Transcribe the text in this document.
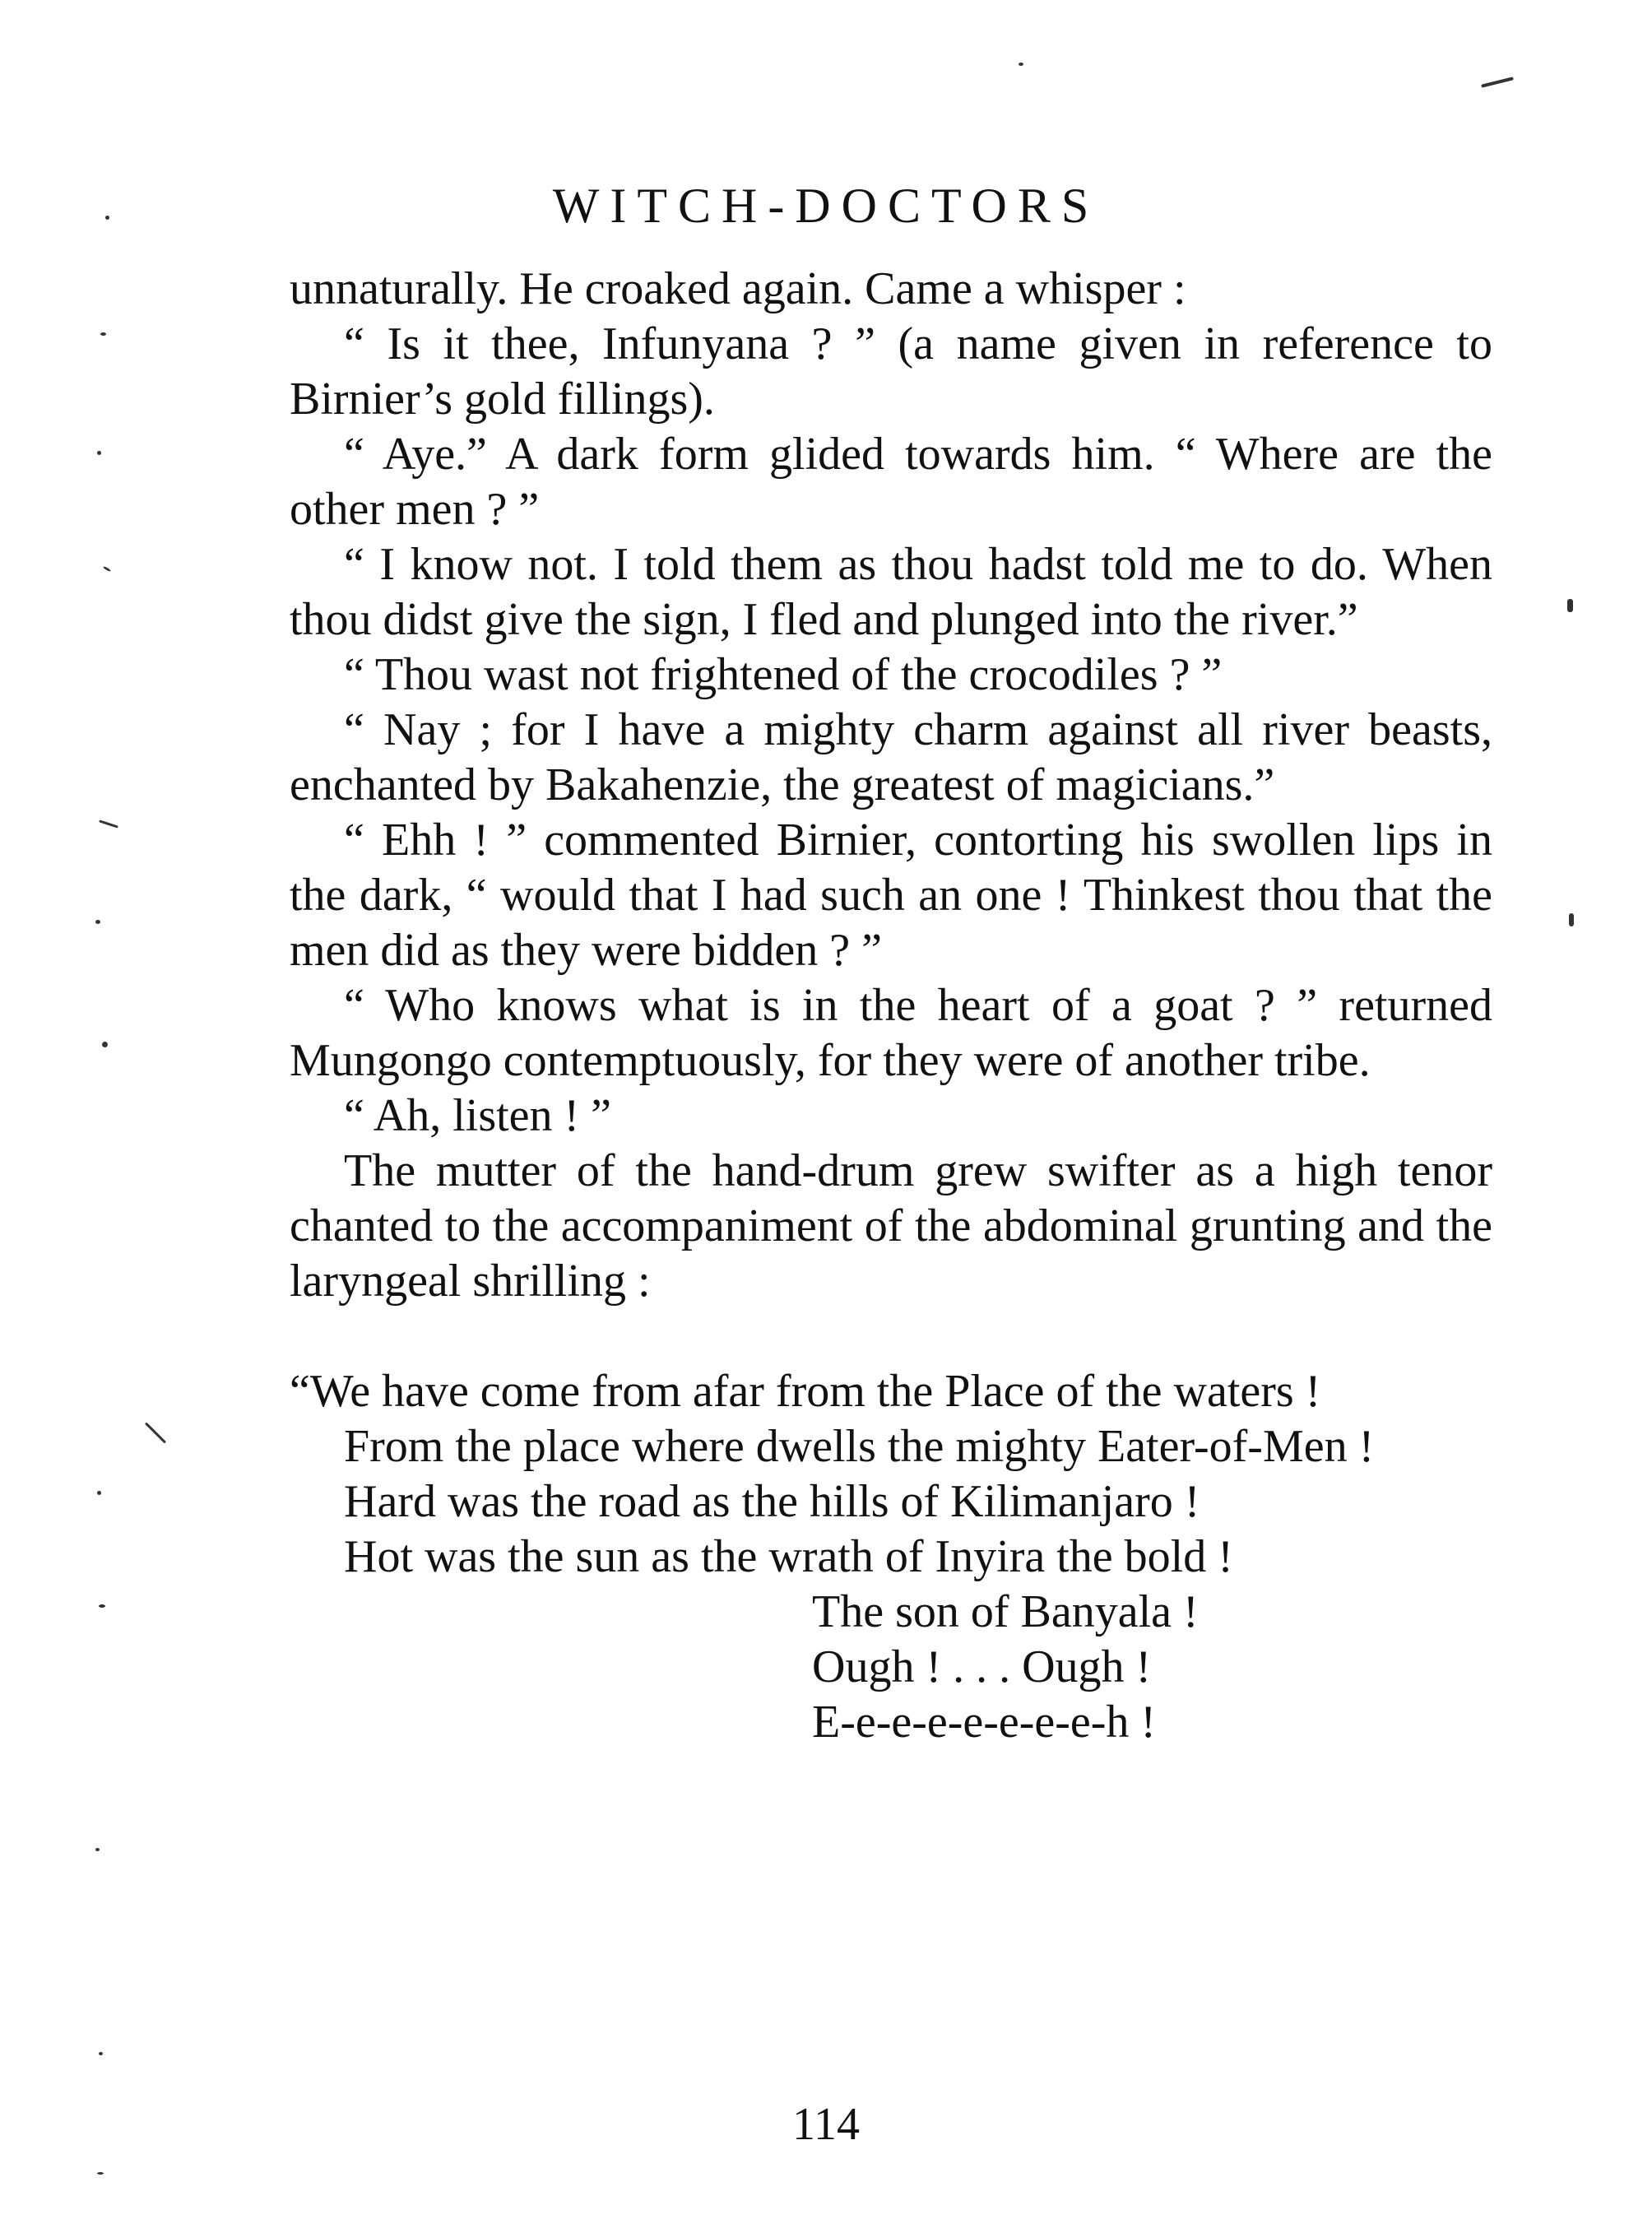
WITCH-DOCTORS

unnaturally. He croaked again. Came a whisper :

“ Is it thee, Infunyana ? ” (a name given in reference to Birnier’s gold fillings).

“ Aye.” A dark form glided towards him. “ Where are the other men ? ”

“ I know not. I told them as thou hadst told me to do. When thou didst give the sign, I fled and plunged into the river.”

“ Thou wast not frightened of the crocodiles ? ”

“ Nay ; for I have a mighty charm against all river beasts, enchanted by Bakahenzie, the greatest of magicians.”

“ Ehh ! ” commented Birnier, contorting his swollen lips in the dark, “ would that I had such an one ! Thinkest thou that the men did as they were bidden ? ”

“ Who knows what is in the heart of a goat ? ” returned Mungongo contemptuously, for they were of another tribe.

“ Ah, listen ! ”

The mutter of the hand-drum grew swifter as a high tenor chanted to the accompaniment of the abdominal grunting and the laryngeal shrilling :

“We have come from afar from the Place of the waters !

From the place where dwells the mighty Eater-of-Men !

Hard was the road as the hills of Kilimanjaro !

Hot was the sun as the wrath of Inyira the bold !

The son of Banyala !

Ough ! . . . Ough !

E-e-e-e-e-e-e-e-h !

114
